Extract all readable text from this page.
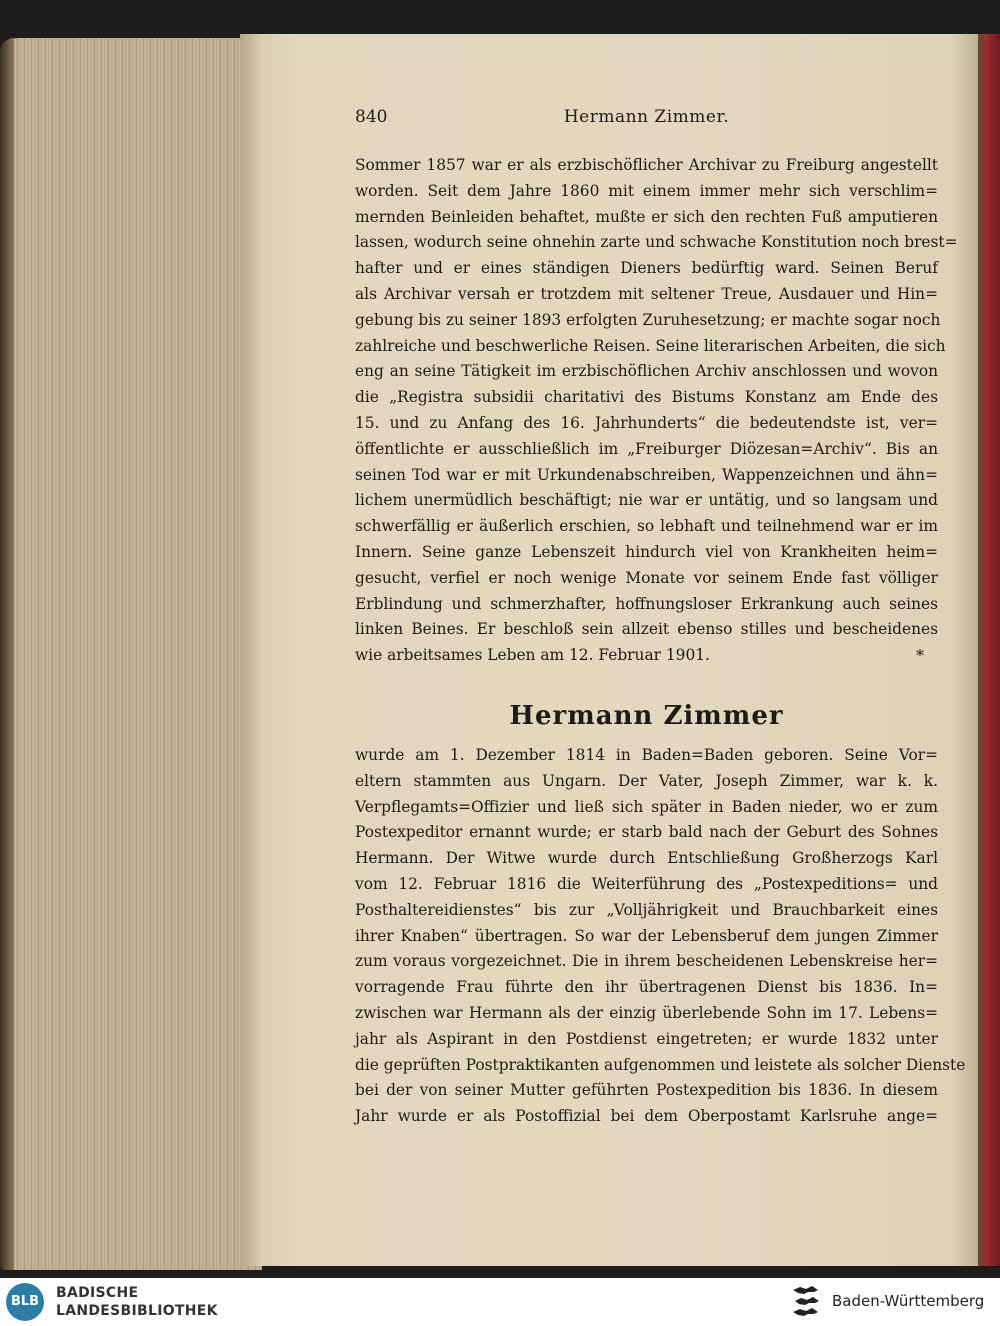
Hermann Zimmer.
840
Sommer 1857 war er als erzbischöflicher Archivar zu Freiburg angestellt
worden. Seit dem Jahre 1860 mit einem immer mehr sich verschlim=
mernden Beinleiden behaftet, mußte er sich den rechten Fuß amputieren
lassen, wodurch seine ohnehin zarte und schwache Konstitution noch brest=
hafter und er eines ständigen Dieners bedürftig ward. Seinen Beruf
als Archivar versah er trotzdem mit seltener Treue, Ausdauer und Hin=
gebung bis zu seiner 1893 erfolgten Zuruhesetzung; er machte sogar noch
zahlreiche und beschwerliche Reisen. Seine literarischen Arbeiten, die sich
eng an seine Tätigkeit im erzbischöflichen Archiv anschlossen und wovon
die „Registra subsidii charitativi des Bistums Konstanz am Ende des
15. und zu Anfang des 16. Jahrhunderts“ die bedeutendste ist, ver=
öffentlichte er ausschließlich im „Freiburger Diözesan=Archiv“. Bis an
seinen Tod war er mit Urkundenabschreiben, Wappenzeichnen und ähn=
lichem unermüdlich beschäftigt; nie war er untätig, und so langsam und
schwerfällig er äußerlich erschien, so lebhaft und teilnehmend war er im
Innern. Seine ganze Lebenszeit hindurch viel von Krankheiten heim=
gesucht, verfiel er noch wenige Monate vor seinem Ende fast völliger
Erblindung und schmerzhafter, hoffnungsloser Erkrankung auch seines
linken Beines. Er beschloß sein allzeit ebenso stilles und bescheidenes
wie arbeitsames Leben am 12. Februar 1901.	*
Hermann Zimmer
wurde am 1. Dezember 1814 in Baden=Baden geboren. Seine Vor=
eltern stammten aus Ungarn. Der Vater, Joseph Zimmer, war k. k.
Verpflegamts=Offizier und ließ sich später in Baden nieder, wo er zum
Postexpeditor ernannt wurde; er starb bald nach der Geburt des Sohnes
Hermann. Der Witwe wurde durch Entschließung Großherzogs Karl
vom 12. Februar 1816 die Weiterführung des „Postexpeditions= und
Posthaltereidienstes“ bis zur „Volljährigkeit und Brauchbarkeit eines
ihrer Knaben“ übertragen. So war der Lebensberuf dem jungen Zimmer
zum voraus vorgezeichnet. Die in ihrem bescheidenen Lebenskreise her=
vorragende Frau führte den ihr übertragenen Dienst bis 1836. In=
zwischen war Hermann als der einzig überlebende Sohn im 17. Lebens=
jahr als Aspirant in den Postdienst eingetreten; er wurde 1832 unter
die geprüften Postpraktikanten aufgenommen und leistete als solcher Dienste
bei der von seiner Mutter geführten Postexpedition bis 1836. In diesem
Jahr wurde er als Postoffizial bei dem Oberpostamt Karlsruhe ange=
BLB
BADISCHE
LANDESBIBLIOTHEK
Baden-Württemberg
